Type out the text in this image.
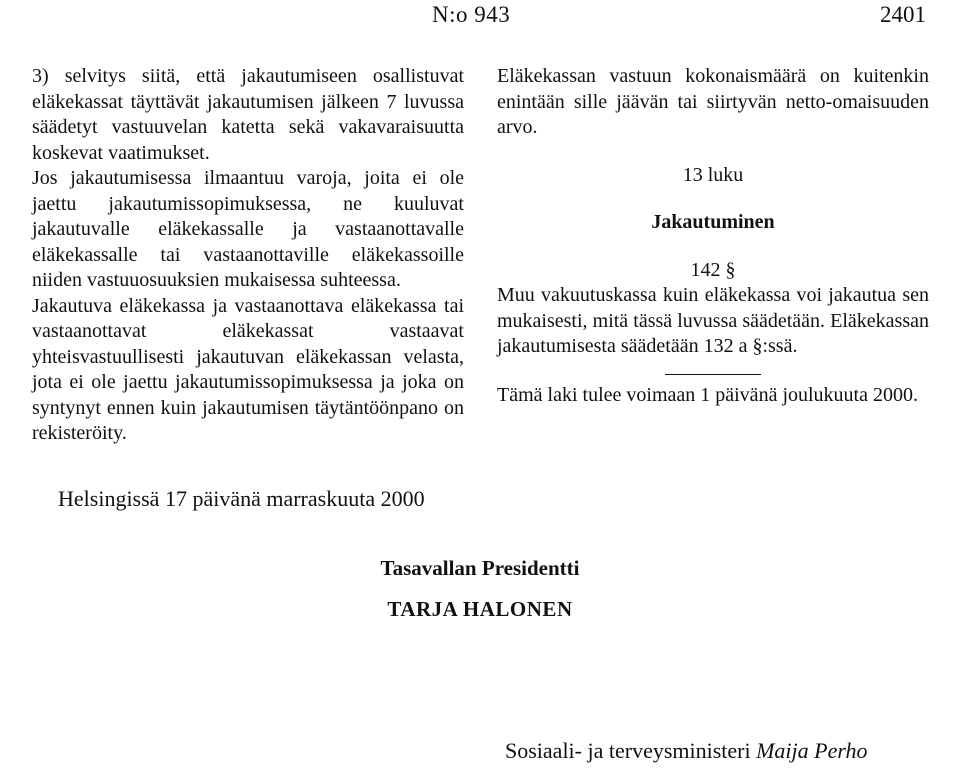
N:o 943	2401

3) selvitys siitä, että jakautumiseen osallistuvat eläkekassat täyttävät jakautumisen jälkeen 7 luvussa säädetyt vastuuvelan katetta sekä vakavaraisuutta koskevat vaatimukset.

Jos jakautumisessa ilmaantuu varoja, joita ei ole jaettu jakautumissopimuksessa, ne kuuluvat jakautuvalle eläkekassalle ja vastaanottavalle eläkekassalle tai vastaanottaville eläkekassoille niiden vastuuosuuksien mukaisessa suhteessa.

Jakautuva eläkekassa ja vastaanottava eläkekassa tai vastaanottavat eläkekassat vastaavat yhteisvastuullisesti jakautuvan eläkekassan velasta, jota ei ole jaettu jakautumissopimuksessa ja joka on syntynyt ennen kuin jakautumisen täytäntöönpano on rekisteröity.

Eläkekassan vastuun kokonaismäärä on kuitenkin enintään sille jäävän tai siirtyvän netto-omaisuuden arvo.

13 luku

Jakautuminen

142 §

Muu vakuutuskassa kuin eläkekassa voi jakautua sen mukaisesti, mitä tässä luvussa säädetään. Eläkekassan jakautumisesta säädetään 132 a §:ssä.

Tämä laki tulee voimaan 1 päivänä joulukuuta 2000.

Helsingissä 17 päivänä marraskuuta 2000
Tasavallan Presidentti
TARJA HALONEN
Sosiaali- ja terveysministeri Maija Perho
